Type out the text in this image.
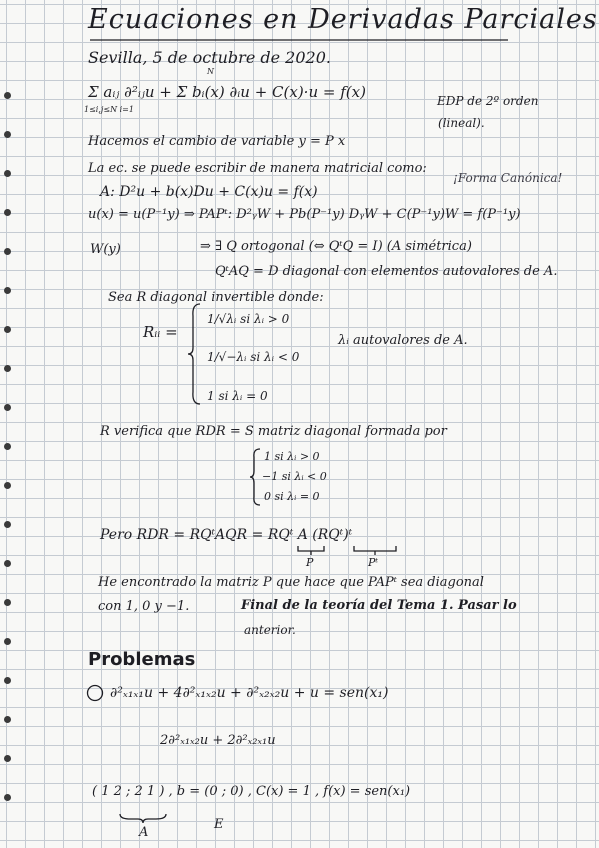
Ecuaciones en Derivadas Parciales
Sevilla, 5 de octubre de 2020.
N
Σ aᵢⱼ ∂²ᵢⱼu + Σ bᵢ(x) ∂ᵢu + C(x)·u = f(x)
1≤i,j≤N i=1
EDP de 2º orden
(lineal).
Hacemos el cambio de variable y = P x
La ec. se puede escribir de manera matricial como:
¡Forma Canónica!
A: D²u + b(x)Du + C(x)u = f(x)
u(x) = u(P⁻¹y) ⇒ PAPᵗ: D²ᵧW + Pb(P⁻¹y) DᵧW + C(P⁻¹y)W = f(P⁻¹y)
W(y)	⇒ ∃ Q ortogonal (⇔ QᵗQ = I) (A simétrica)
QᵗAQ = D diagonal con elementos autovalores de A.
Sea R diagonal invertible donde:
Rᵢᵢ =
1/√λᵢ si λᵢ > 0
1/√−λᵢ si λᵢ < 0
1 si λᵢ = 0
λᵢ autovalores de A.
R verifica que RDR = S matriz diagonal formada por
1 si λᵢ > 0
−1 si λᵢ < 0
0 si λᵢ = 0
Pero RDR = RQᵗAQR = RQᵗ A (RQᵗ)ᵗ
P	Pᵗ
He encontrado la matriz P que hace que PAPᵗ sea diagonal
con 1, 0 y −1.	Final de la teoría del Tema 1. Pasar lo
anterior.
Problemas
∂²ₓ₁ₓ₁u + 4∂²ₓ₁ₓ₂u + ∂²ₓ₂ₓ₂u + u = sen(x₁)
2∂²ₓ₁ₓ₂u + 2∂²ₓ₂ₓ₁u
( 1 2 ; 2 1 ) , b = (0 ; 0) , C(x) = 1 , f(x) = sen(x₁)
A
E
